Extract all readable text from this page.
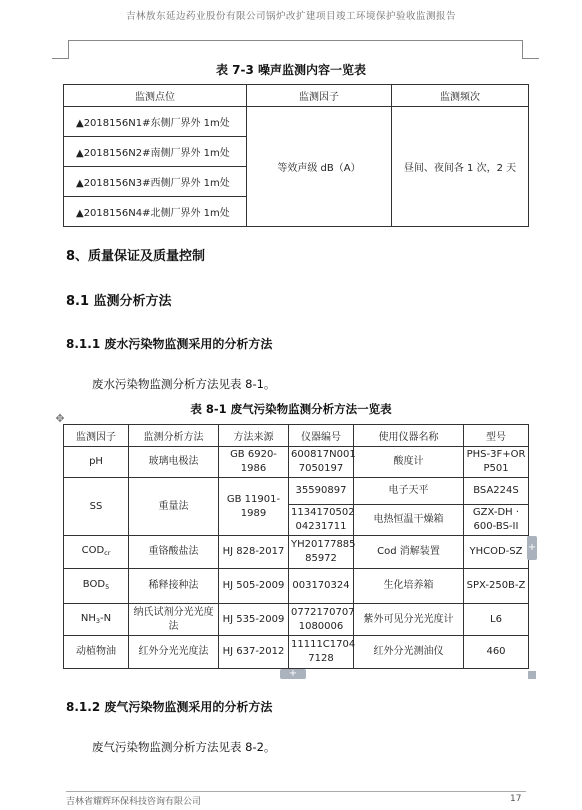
吉林敖东延边药业股份有限公司锅炉改扩建项目竣工环境保护验收监测报告
表 7-3 噪声监测内容一览表
监测点位	监测因子	监测频次
▲2018156N1#东侧厂界外 1m处	等效声级 dB（A）	昼间、夜间各 1 次，2 天
▲2018156N2#南侧厂界外 1m处		
▲2018156N3#西侧厂界外 1m处		
▲2018156N4#北侧厂界外 1m处		
8、质量保证及质量控制
8.1 监测分析方法
8.1.1 废水污染物监测采用的分析方法
废水污染物监测分析方法见表 8-1。
✥
表 8-1 废气污染物监测分析方法一览表
监测因子	监测分析方法	方法来源	仪器编号	使用仪器名称	型号
pH	玻璃电极法	GB 6920-1986	600817N001 7050197	酸度计	PHS-3F+OR P501
SS	重量法	GB 11901-1989	35590897	电子天平	BSA224S
			1134170502 04231711	电热恒温干燥箱	GZX-DH · 600-BS-II
$COD_{cr}$	重铬酸盐法	HJ 828-2017	YH20177885 85972	Cod 消解装置	YHCOD-SZ
$BOD_5$	稀释接种法	HJ 505-2009	003170324	生化培养箱	SPX-250B-Z
$NH_3-N$	纳氏试剂分光光度法	HJ 535-2009	0772170707 1080006	紫外可见分光光度计	L6
动植物油	红外分光光度法	HJ 637-2012	11111C1704 7128	红外分光测油仪	460
+
+
8.1.2 废气污染物监测采用的分析方法
废气污染物监测分析方法见表 8-2。
吉林省耀辉环保科技咨询有限公司	17
